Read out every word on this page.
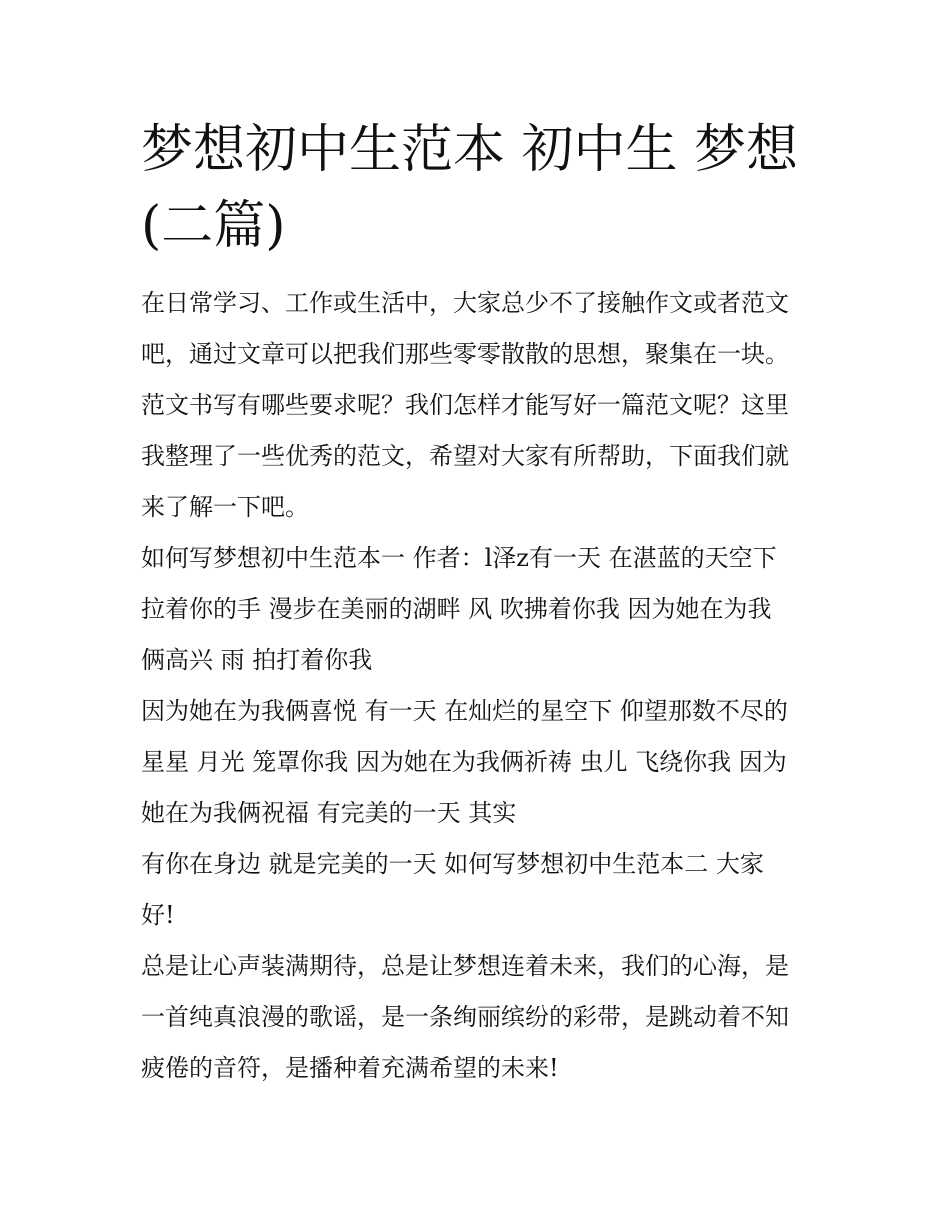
梦想初中生范本 初中生 梦想
(二篇)
在日常学习、工作或生活中，大家总少不了接触作文或者范文
吧，通过文章可以把我们那些零零散散的思想，聚集在一块。
范文书写有哪些要求呢？我们怎样才能写好一篇范文呢？这里
我整理了一些优秀的范文，希望对大家有所帮助，下面我们就
来了解一下吧。
如何写梦想初中生范本一 作者：l泽z有一天 在湛蓝的天空下
拉着你的手 漫步在美丽的湖畔 风 吹拂着你我 因为她在为我
俩高兴 雨 拍打着你我
因为她在为我俩喜悦 有一天 在灿烂的星空下 仰望那数不尽的
星星 月光 笼罩你我 因为她在为我俩祈祷 虫儿 飞绕你我 因为
她在为我俩祝福 有完美的一天 其实
有你在身边 就是完美的一天 如何写梦想初中生范本二 大家
好!
总是让心声装满期待，总是让梦想连着未来，我们的心海，是
一首纯真浪漫的歌谣，是一条绚丽缤纷的彩带，是跳动着不知
疲倦的音符，是播种着充满希望的未来!
